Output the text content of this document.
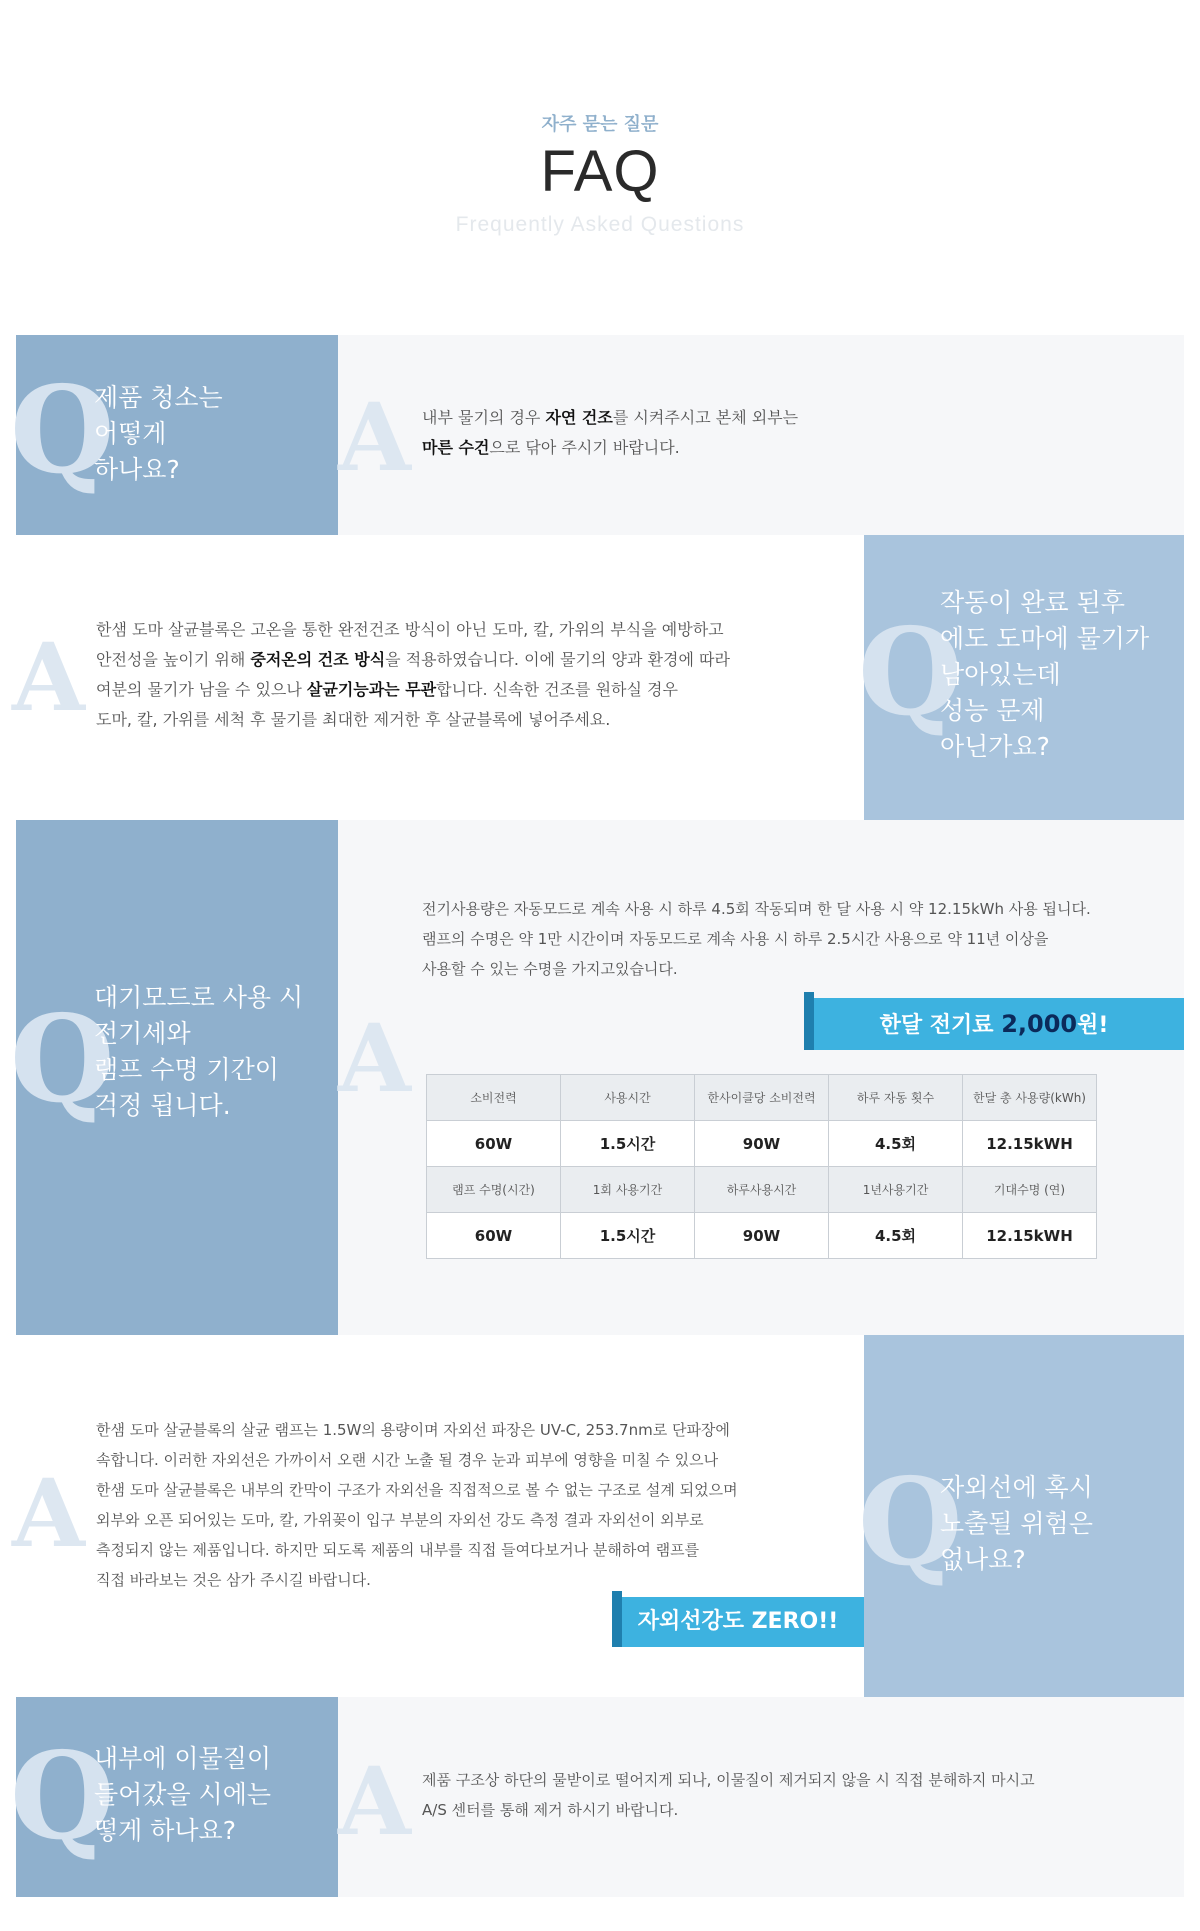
자주 묻는 질문
FAQ
Frequently Asked Questions
Q
제품 청소는
어떻게
하나요?	A 내부 물기의 경우 자연 건조를 시켜주시고 본체 외부는
마른 수건으로 닦아 주시기 바랍니다.
A 한샘 도마 살균블록은 고온을 통한 완전건조 방식이 아닌 도마, 칼, 가위의 부식을 예방하고
안전성을 높이기 위해 중저온의 건조 방식을 적용하였습니다. 이에 물기의 양과 환경에 따라
여분의 물기가 남을 수 있으나 살균기능과는 무관합니다. 신속한 건조를 원하실 경우
도마, 칼, 가위를 세척 후 물기를 최대한 제거한 후 살균블록에 넣어주세요.	Q
작동이 완료 된후
에도 도마에 물기가
남아있는데
성능 문제
아닌가요?
Q
대기모드로 사용 시
전기세와
램프 수명 기간이
걱정 됩니다.	A
전기사용량은 자동모드로 계속 사용 시 하루 4.5회 작동되며 한 달 사용 시 약 12.15kWh 사용 됩니다.
램프의 수명은 약 1만 시간이며 자동모드로 계속 사용 시 하루 2.5시간 사용으로 약 11년 이상을
사용할 수 있는 수명을 가지고있습니다.
한달 전기료 2,000원!
소비전력	사용시간	한사이클당 소비전력	하루 자동 횟수	한달 총 사용량(kWh)
60W	1.5시간	90W	4.5회	12.15kWH
램프 수명(시간)	1회 사용기간	하루사용시간	1년사용기간	기대수명 (연)
60W	1.5시간	90W	4.5회	12.15kWH
A
한샘 도마 살균블록의 살균 램프는 1.5W의 용량이며 자외선 파장은 UV-C, 253.7nm로 단파장에
속합니다. 이러한 자외선은 가까이서 오랜 시간 노출 될 경우 눈과 피부에 영향을 미칠 수 있으나
한샘 도마 살균블록은 내부의 칸막이 구조가 자외선을 직접적으로 볼 수 없는 구조로 설계 되었으며
외부와 오픈 되어있는 도마, 칼, 가위꽂이 입구 부분의 자외선 강도 측정 결과 자외선이 외부로
측정되지 않는 제품입니다. 하지만 되도록 제품의 내부를 직접 들여다보거나 분해하여 램프를
직접 바라보는 것은 삼가 주시길 바랍니다.
자외선강도 ZERO!!
Q
자외선에 혹시
노출될 위험은
없나요?
Q
내부에 이물질이
들어갔을 시에는
떻게 하나요?	A 제품 구조상 하단의 물받이로 떨어지게 되나, 이물질이 제거되지 않을 시 직접 분해하지 마시고
A/S 센터를 통해 제거 하시기 바랍니다.
